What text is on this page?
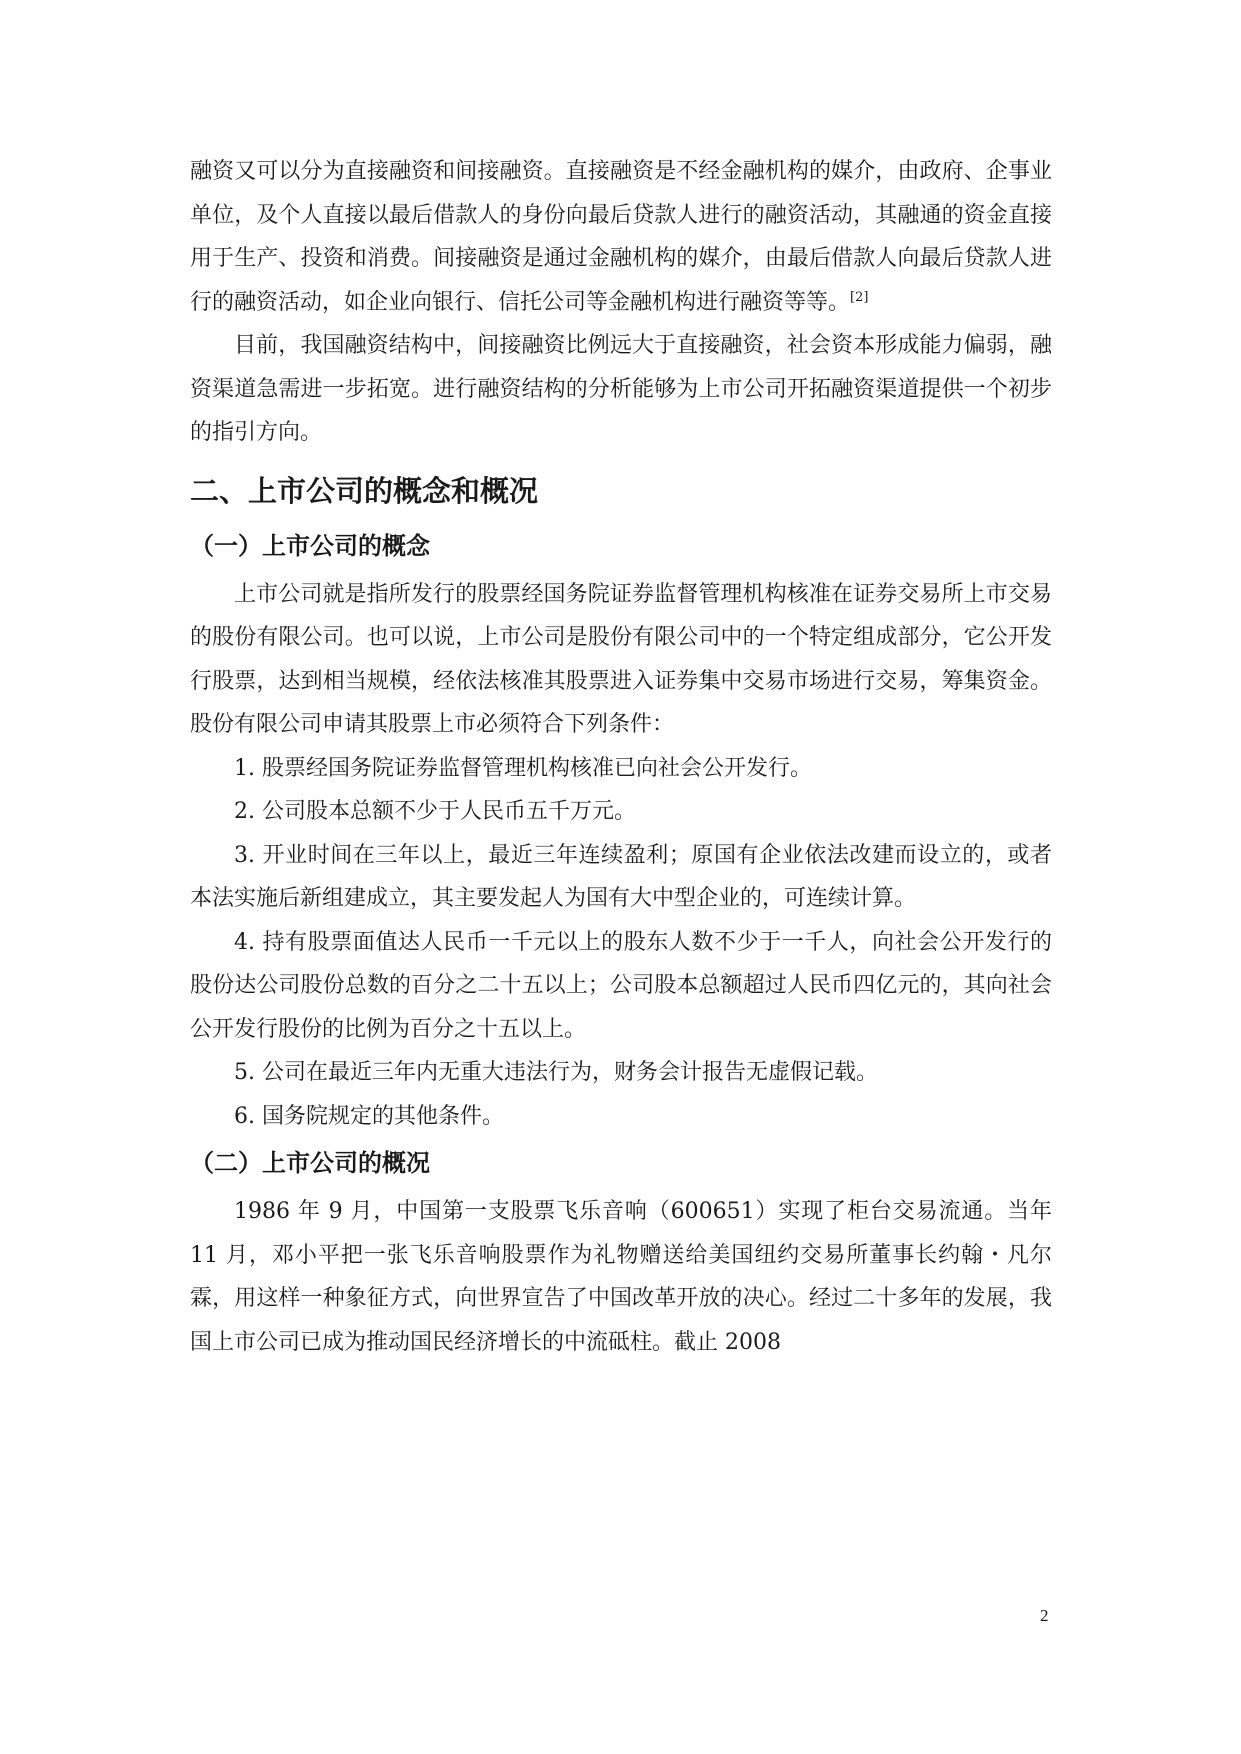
融资又可以分为直接融资和间接融资。直接融资是不经金融机构的媒介，由政府、企事业单位，及个人直接以最后借款人的身份向最后贷款人进行的融资活动，其融通的资金直接用于生产、投资和消费。间接融资是通过金融机构的媒介，由最后借款人向最后贷款人进行的融资活动，如企业向银行、信托公司等金融机构进行融资等等。[2]

目前，我国融资结构中，间接融资比例远大于直接融资，社会资本形成能力偏弱，融资渠道急需进一步拓宽。进行融资结构的分析能够为上市公司开拓融资渠道提供一个初步的指引方向。

二、上市公司的概念和概况
（一）上市公司的概念

上市公司就是指所发行的股票经国务院证券监督管理机构核准在证券交易所上市交易的股份有限公司。也可以说，上市公司是股份有限公司中的一个特定组成部分，它公开发行股票，达到相当规模，经依法核准其股票进入证券集中交易市场进行交易，筹集资金。股份有限公司申请其股票上市必须符合下列条件：

1. 股票经国务院证券监督管理机构核准已向社会公开发行。

2. 公司股本总额不少于人民币五千万元。

3. 开业时间在三年以上，最近三年连续盈利；原国有企业依法改建而设立的，或者本法实施后新组建成立，其主要发起人为国有大中型企业的，可连续计算。

4. 持有股票面值达人民币一千元以上的股东人数不少于一千人，向社会公开发行的股份达公司股份总数的百分之二十五以上；公司股本总额超过人民币四亿元的，其向社会公开发行股份的比例为百分之十五以上。

5. 公司在最近三年内无重大违法行为，财务会计报告无虚假记载。

6. 国务院规定的其他条件。

（二）上市公司的概况

1986 年 9 月，中国第一支股票飞乐音响（600651）实现了柜台交易流通。当年 11 月，邓小平把一张飞乐音响股票作为礼物赠送给美国纽约交易所董事长约翰・凡尔霖，用这样一种象征方式，向世界宣告了中国改革开放的决心。经过二十多年的发展，我国上市公司已成为推动国民经济增长的中流砥柱。截止 2008

2
